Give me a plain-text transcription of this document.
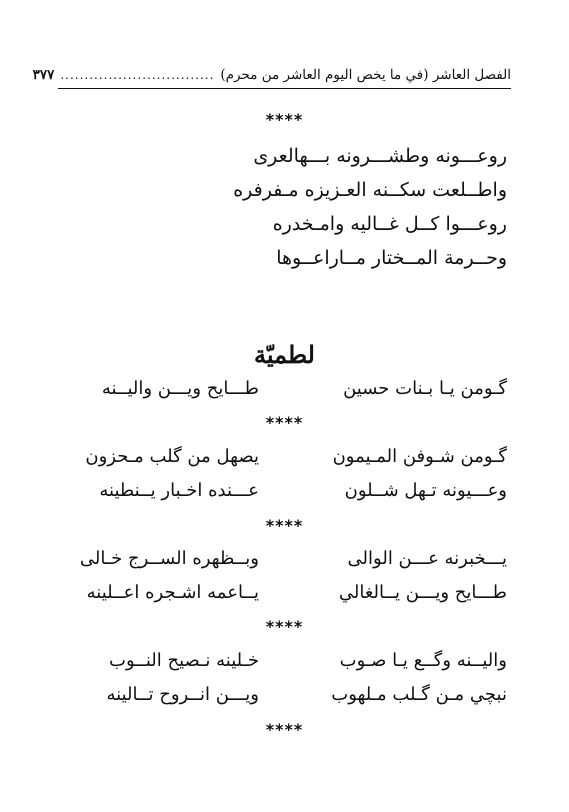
الفصل العاشر (في ما يخص اليوم العاشر من محرم)
................................
٣٧٧
****
روعـــونه وطشـــرونه بـــهالعرى
واطــلعت سكــنه العـزيزه مـفرفره
روعـــوا كــل غــاليه وامـخدره
وحــرمة المــختار مــاراعــوها
لطميّة
گـومن يـا بـنات حسين
طـــايح ويـــن واليــنه
****
گـومن شـوفن المـيمون
يصهل من گلب مـحزون
وعـــيونه تـهل شــلون
عـــنده اخـبار يــنطينه
****
يـــخبرنه عـــن الوالى
وبــظهره الســرج خـالى
طـــايح ويـــن يــالغالي
يــاعمه اشـجره اعــلينه
****
واليــنه وگــع يـا صـوب
خـلينه نـصيح النــوب
نبچي مـن گـلب مـلهوب
ويـــن انــروح تــالينه
****
